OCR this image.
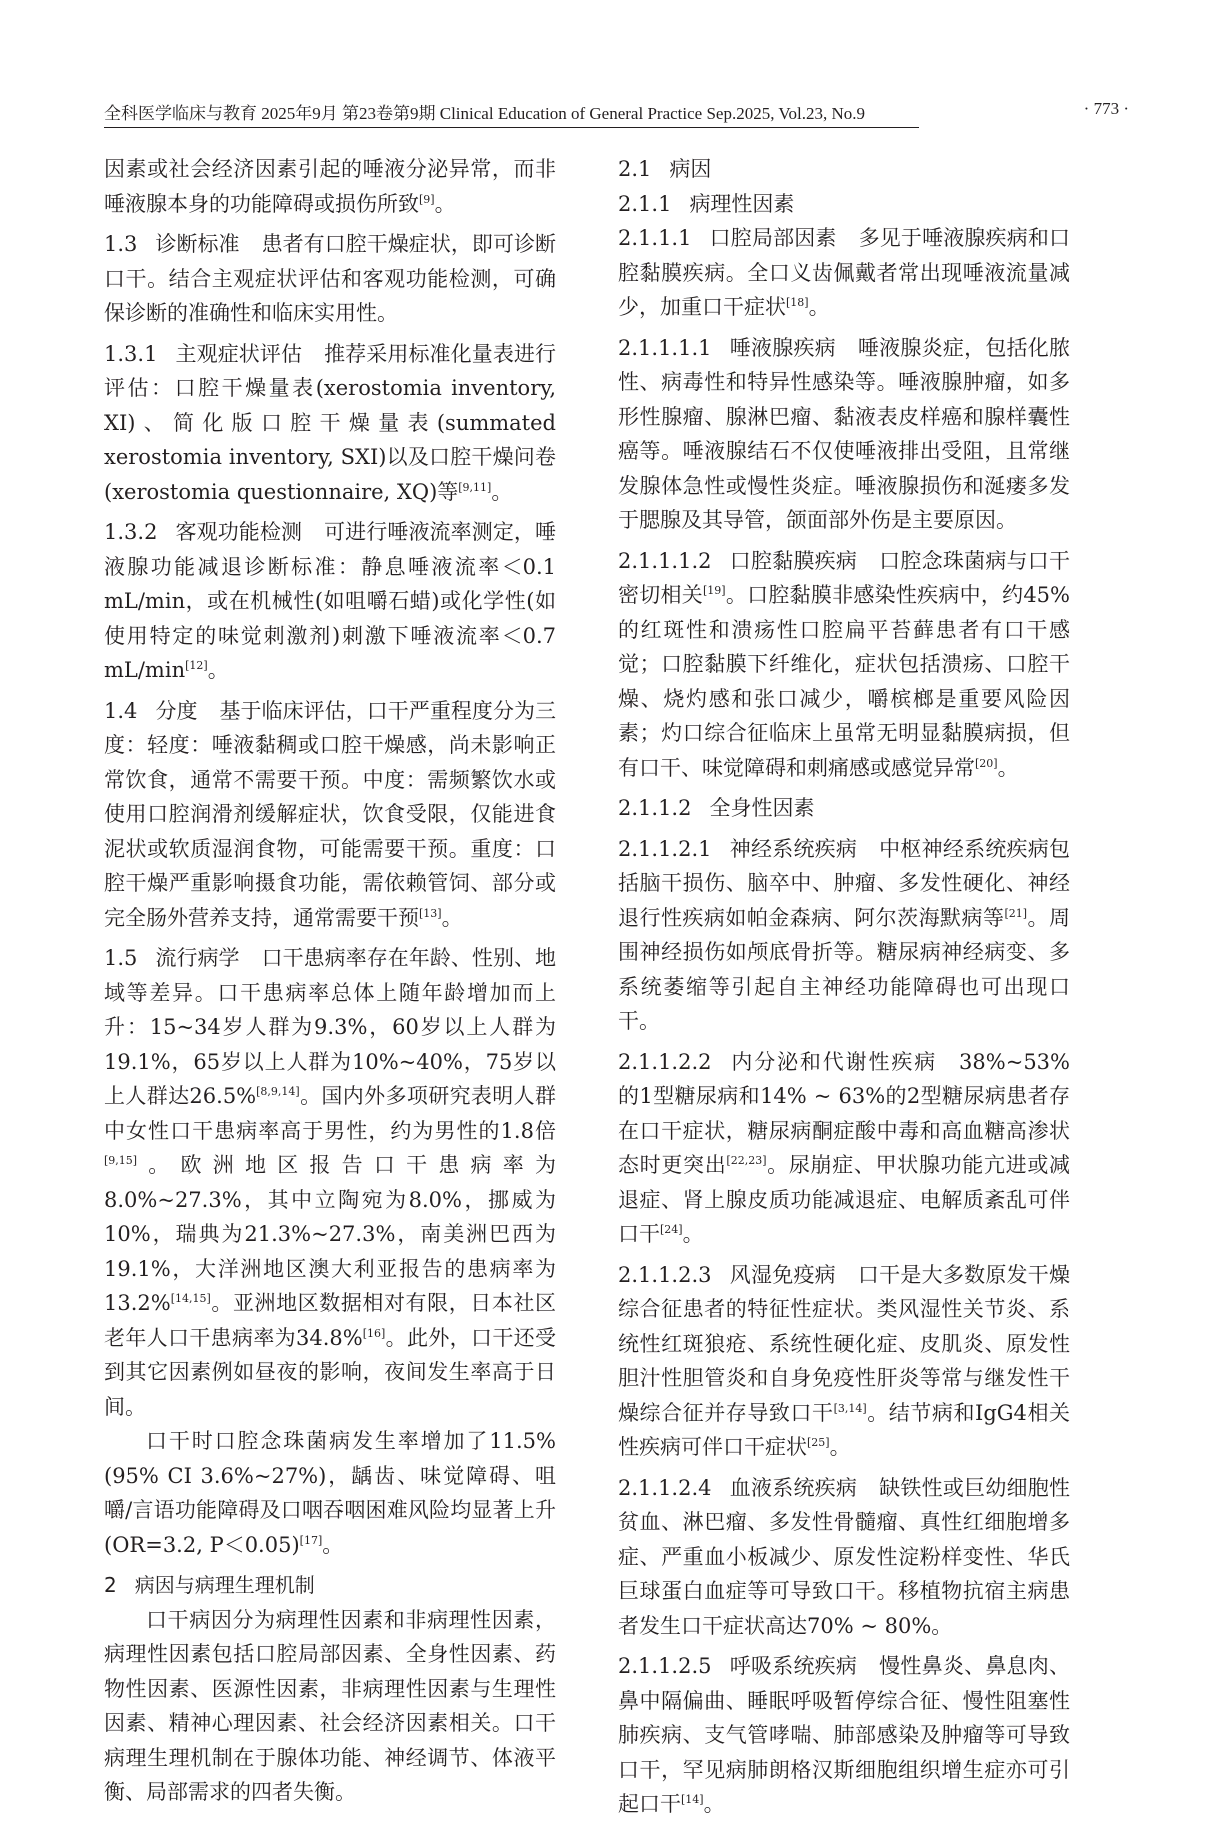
全科医学临床与教育 2025年9月 第23卷第9期 Clinical Education of General Practice Sep.2025, Vol.23, No.9	· 773 ·

因素或社会经济因素引起的唾液分泌异常，而非唾液腺本身的功能障碍或损伤所致[9]。

1.3 诊断标准 患者有口腔干燥症状，即可诊断口干。结合主观症状评估和客观功能检测，可确保诊断的准确性和临床实用性。

1.3.1 主观症状评估 推荐采用标准化量表进行评估：口腔干燥量表(xerostomia inventory, XI)、简化版口腔干燥量表(summated xerostomia inventory, SXI)以及口腔干燥问卷(xerostomia questionnaire, XQ)等[9,11]。

1.3.2 客观功能检测 可进行唾液流率测定，唾液腺功能减退诊断标准：静息唾液流率＜0.1 mL/min，或在机械性(如咀嚼石蜡)或化学性(如使用特定的味觉刺激剂)刺激下唾液流率＜0.7 mL/min[12]。

1.4 分度 基于临床评估，口干严重程度分为三度：轻度：唾液黏稠或口腔干燥感，尚未影响正常饮食，通常不需要干预。中度：需频繁饮水或使用口腔润滑剂缓解症状，饮食受限，仅能进食泥状或软质湿润食物，可能需要干预。重度：口腔干燥严重影响摄食功能，需依赖管饲、部分或完全肠外营养支持，通常需要干预[13]。

1.5 流行病学 口干患病率存在年龄、性别、地域等差异。口干患病率总体上随年龄增加而上升：15~34岁人群为9.3%，60岁以上人群为19.1%，65岁以上人群为10%~40%，75岁以上人群达26.5%[8,9,14]。国内外多项研究表明人群中女性口干患病率高于男性，约为男性的1.8倍[9,15]。欧洲地区报告口干患病率为8.0%~27.3%，其中立陶宛为8.0%，挪威为10%，瑞典为21.3%~27.3%，南美洲巴西为19.1%，大洋洲地区澳大利亚报告的患病率为13.2%[14,15]。亚洲地区数据相对有限，日本社区老年人口干患病率为34.8%[16]。此外，口干还受到其它因素例如昼夜的影响，夜间发生率高于日间。

口干时口腔念珠菌病发生率增加了11.5% (95% CI 3.6%~27%)，龋齿、味觉障碍、咀嚼/言语功能障碍及口咽吞咽困难风险均显著上升(OR=3.2, P＜0.05)[17]。

2 病因与病理生理机制

口干病因分为病理性因素和非病理性因素，病理性因素包括口腔局部因素、全身性因素、药物性因素、医源性因素，非病理性因素与生理性因素、精神心理因素、社会经济因素相关。口干病理生理机制在于腺体功能、神经调节、体液平衡、局部需求的四者失衡。

2.1 病因

2.1.1 病理性因素

2.1.1.1 口腔局部因素 多见于唾液腺疾病和口腔黏膜疾病。全口义齿佩戴者常出现唾液流量减少，加重口干症状[18]。

2.1.1.1.1 唾液腺疾病 唾液腺炎症，包括化脓性、病毒性和特异性感染等。唾液腺肿瘤，如多形性腺瘤、腺淋巴瘤、黏液表皮样癌和腺样囊性癌等。唾液腺结石不仅使唾液排出受阻，且常继发腺体急性或慢性炎症。唾液腺损伤和涎瘘多发于腮腺及其导管，颌面部外伤是主要原因。

2.1.1.1.2 口腔黏膜疾病 口腔念珠菌病与口干密切相关[19]。口腔黏膜非感染性疾病中，约45%的红斑性和溃疡性口腔扁平苔藓患者有口干感觉；口腔黏膜下纤维化，症状包括溃疡、口腔干燥、烧灼感和张口减少，嚼槟榔是重要风险因素；灼口综合征临床上虽常无明显黏膜病损，但有口干、味觉障碍和刺痛感或感觉异常[20]。

2.1.1.2 全身性因素

2.1.1.2.1 神经系统疾病 中枢神经系统疾病包括脑干损伤、脑卒中、肿瘤、多发性硬化、神经退行性疾病如帕金森病、阿尔茨海默病等[21]。周围神经损伤如颅底骨折等。糖尿病神经病变、多系统萎缩等引起自主神经功能障碍也可出现口干。

2.1.1.2.2 内分泌和代谢性疾病 38%~53%的1型糖尿病和14% ~ 63%的2型糖尿病患者存在口干症状，糖尿病酮症酸中毒和高血糖高渗状态时更突出[22,23]。尿崩症、甲状腺功能亢进或减退症、肾上腺皮质功能减退症、电解质紊乱可伴口干[24]。

2.1.1.2.3 风湿免疫病 口干是大多数原发干燥综合征患者的特征性症状。类风湿性关节炎、系统性红斑狼疮、系统性硬化症、皮肌炎、原发性胆汁性胆管炎和自身免疫性肝炎等常与继发性干燥综合征并存导致口干[3,14]。结节病和IgG4相关性疾病可伴口干症状[25]。

2.1.1.2.4 血液系统疾病 缺铁性或巨幼细胞性贫血、淋巴瘤、多发性骨髓瘤、真性红细胞增多症、严重血小板减少、原发性淀粉样变性、华氏巨球蛋白血症等可导致口干。移植物抗宿主病患者发生口干症状高达70% ~ 80%。

2.1.1.2.5 呼吸系统疾病 慢性鼻炎、鼻息肉、鼻中隔偏曲、睡眠呼吸暂停综合征、慢性阻塞性肺疾病、支气管哮喘、肺部感染及肿瘤等可导致口干，罕见病肺朗格汉斯细胞组织增生症亦可引起口干[14]。
